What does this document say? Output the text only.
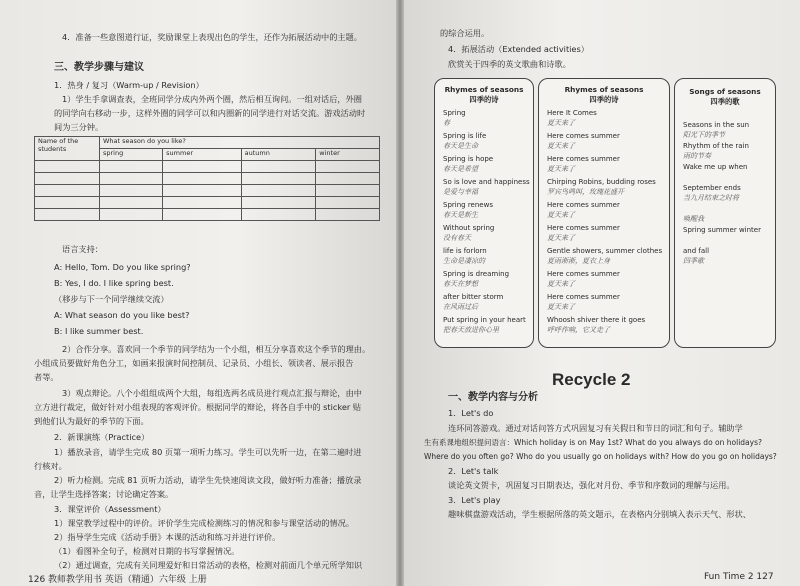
4．准备一些意图道行证，奖励课堂上表现出色的学生，还作为拓展活动中的主题。
三、教学步骤与建议
1．热身 / 复习（Warm-up / Revision）
1）学生手拿调查表，全班同学分成内外两个圈，然后相互询问。一组对话后，外圈
的同学向右移动一步，这样外圈的同学可以和内圈新的同学进行对话交流。游戏活动时
间为三分钟。
Name of the students	What season do you like?			
	spring	summer	autumn	winter

语言支持：
A: Hello, Tom. Do you like spring?
B: Yes, I do. I like spring best.
（移步与下一个同学继续交流）
A: What season do you like best?
B: I like summer best.
2）合作分享。喜欢同一个季节的同学结为一个小组，相互分享喜欢这个季节的理由。
小组成员要做好角色分工，如画来报演时间控制员、记录员、小组长、领读者、展示报告
者等。
3）观点辩论。八个小组组成两个大组，每组选两名成员进行观点汇报与辩论，由中
立方进行裁定，做好针对小组表现的客观评价。根据同学的辩论，将各自手中的 sticker 贴
到他们认为最好的季节的下面。
2．新课演练（Practice）
1）播放录音，请学生完成 80 页第一项听力练习。学生可以先听一边，在第二遍时进
行核对。
2）听力检测。完成 81 页听力活动，请学生先快速阅读文段，做好听力准备；播放录
音，让学生选择答案；讨论确定答案。
3．课堂评价（Assessment）
1）课堂教学过程中的评价。评价学生完成检测练习的情况和参与课堂活动的情况。
2）指导学生完成《活动手册》本课的活动和练习并进行评价。
（1）看图补全句子，检测对日期的书写掌握情况。
（2）通过调查，完成有关同理爱好和日常活动的表格，检测对前面几个单元所学知识
126 教师教学用书 英语（精通）六年级 上册
的综合运用。
4．拓展活动（Extended activities）
欣赏关于四季的英文歌曲和诗歌。
Rhymes of seasons
四季的诗
Spring
春
Spring is life
春天是生命
Spring is hope
春天是希望
So is love and happiness
是爱与幸福
Spring renews
春天是新生
Without spring
没有春天
life is forlorn
生命是凄凉的
Spring is dreaming
春天在梦想
after bitter storm
在风雨过后
Put spring in your heart
把春天放进你心里
Rhymes of seasons
四季的诗
Here It Comes
夏天来了
Here comes summer
夏天来了
Here comes summer
夏天来了
Chirping Robins, budding roses
罗宾鸟鸣叫，玫瑰花盛开
Here comes summer
夏天来了
Here comes summer
夏天来了
Gentle showers, summer clothes
夏雨淅淅，夏衣上身
Here comes summer
夏天来了
Here comes summer
夏天来了
Whoosh shiver there it goes
呼呼作响，它又走了
Songs of seasons
四季的歌
Seasons in the sun
阳光下的季节
Rhythm of the rain
雨的节奏
Wake me up when
September ends
当九月结束之时将
唤醒我
Spring summer winter
and fall
四季歌
Recycle 2
一、教学内容与分析
1．Let's do
连环同答游戏。通过对话问答方式巩固复习有关假日和节日的词汇和句子。辅助学
生有系课地组织提问语言：Which holiday is on May 1st? What do you always do on holidays?
Where do you often go? Who do you usually go on holidays with? How do you go on holidays?
2．Let's talk
谈论英文贺卡，巩固复习日期表达，强化对月份、季节和序数词的理解与运用。
3．Let's play
趣味棋盘游戏活动，学生根据所落的英文题示，在表格内分别填入表示天气、形状、
Fun Time 2 127
